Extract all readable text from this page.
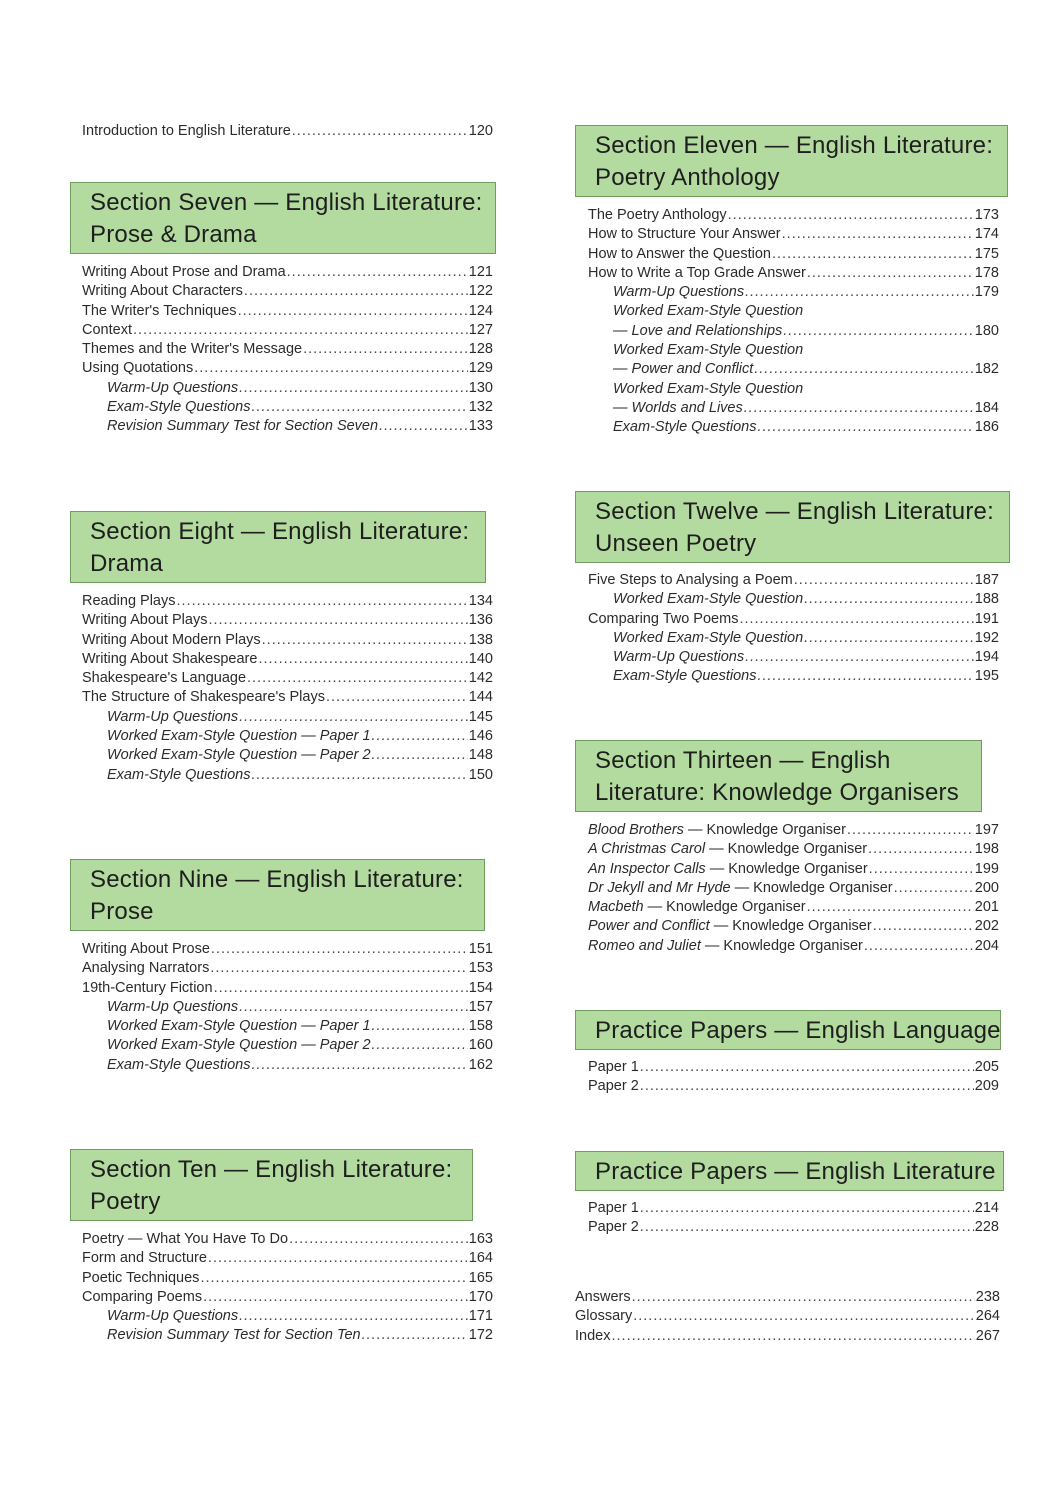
Introduction to English Literature .....	120
Section Seven — English Literature:
Prose & Drama
Writing About Prose and Drama .....	121
Writing About Characters .....	122
The Writer's Techniques .....	124
Context .....	127
Themes and the Writer's Message .....	128
Using Quotations .....	129
Warm-Up Questions .....	130
Exam-Style Questions .....	132
Revision Summary Test for Section Seven .....	133
Section Eight — English Literature:
Drama
Reading Plays .....	134
Writing About Plays .....	136
Writing About Modern Plays .....	138
Writing About Shakespeare .....	140
Shakespeare's Language .....	142
The Structure of Shakespeare's Plays .....	144
Warm-Up Questions .....	145
Worked Exam-Style Question — Paper 1 .....	146
Worked Exam-Style Question — Paper 2 .....	148
Exam-Style Questions .....	150
Section Nine — English Literature:
Prose
Writing About Prose .....	151
Analysing Narrators .....	153
19th-Century Fiction .....	154
Warm-Up Questions .....	157
Worked Exam-Style Question — Paper 1 .....	158
Worked Exam-Style Question — Paper 2 .....	160
Exam-Style Questions .....	162
Section Ten — English Literature:
Poetry
Poetry — What You Have To Do .....	163
Form and Structure .....	164
Poetic Techniques .....	165
Comparing Poems .....	170
Warm-Up Questions .....	171
Revision Summary Test for Section Ten .....	172
Section Eleven — English Literature:
Poetry Anthology
The Poetry Anthology .....	173
How to Structure Your Answer .....	174
How to Answer the Question .....	175
How to Write a Top Grade Answer .....	178
Warm-Up Questions .....	179
Worked Exam-Style Question
— Love and Relationships .....	180
Worked Exam-Style Question
— Power and Conflict .....	182
Worked Exam-Style Question
— Worlds and Lives .....	184
Exam-Style Questions .....	186
Section Twelve — English Literature:
Unseen Poetry
Five Steps to Analysing a Poem .....	187
Worked Exam-Style Question .....	188
Comparing Two Poems .....	191
Worked Exam-Style Question .....	192
Warm-Up Questions .....	194
Exam-Style Questions .....	195
Section Thirteen — English
Literature: Knowledge Organisers
Blood Brothers — Knowledge Organiser .....	197
A Christmas Carol — Knowledge Organiser .....	198
An Inspector Calls — Knowledge Organiser .....	199
Dr Jekyll and Mr Hyde — Knowledge Organiser .....	200
Macbeth — Knowledge Organiser .....	201
Power and Conflict — Knowledge Organiser .....	202
Romeo and Juliet — Knowledge Organiser .....	204
Practice Papers — English Language
Paper 1 .....	205
Paper 2 .....	209
Practice Papers — English Literature
Paper 1 .....	214
Paper 2 .....	228
Answers .....	238
Glossary .....	264
Index .....	267
